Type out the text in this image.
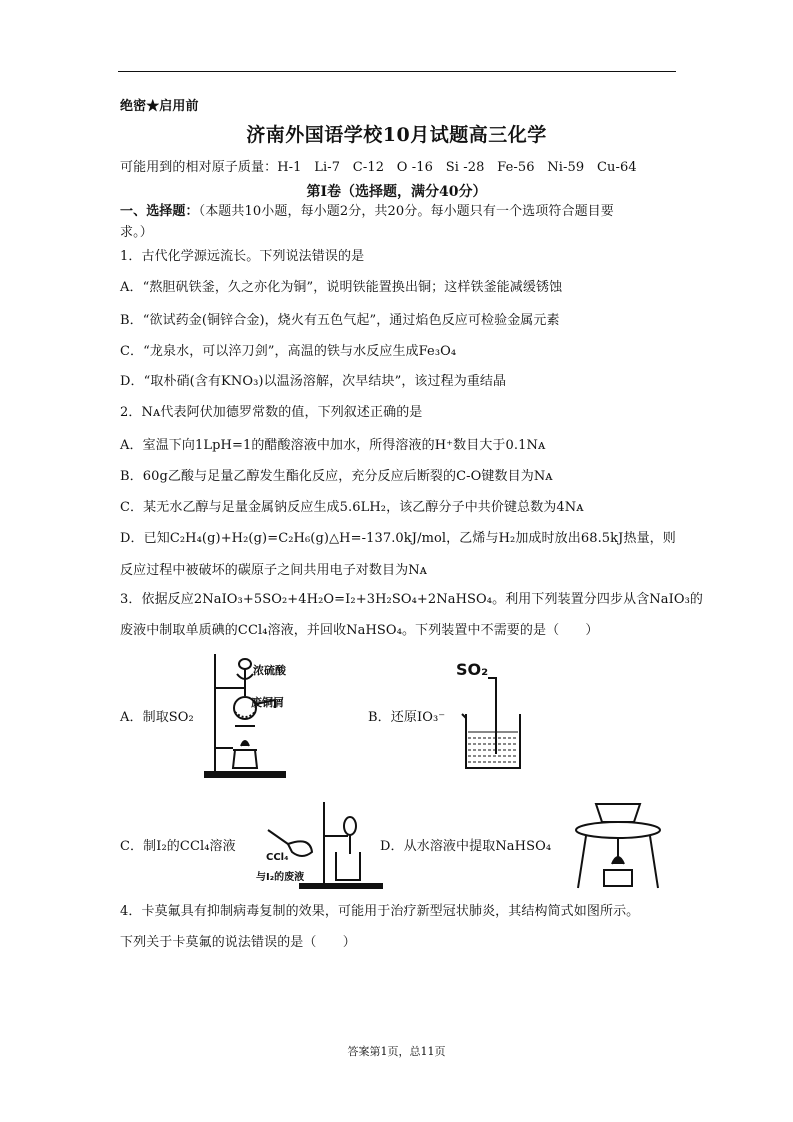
绝密★启用前
济南外国语学校10月试题高三化学
可能用到的相对原子质量：H-1 Li-7 C-12 O -16 Si -28 Fe-56 Ni-59 Cu-64
第Ⅰ卷（选择题，满分40分）
一、选择题：（本题共10小题，每小题2分，共20分。每小题只有一个选项符合题目要
求。）
1．古代化学源远流长。下列说法错误的是
A．“熬胆矾铁釜，久之亦化为铜”，说明铁能置换出铜；这样铁釜能减缓锈蚀
B．“欲试药金(铜锌合金)，烧火有五色气起”，通过焰色反应可检验金属元素
C．“龙泉水，可以淬刀剑”，高温的铁与水反应生成Fe₃O₄
D．“取朴硝(含有KNO₃)以温汤溶解，次早结块”，该过程为重结晶
2．Nᴀ代表阿伏加德罗常数的值，下列叙述正确的是
A．室温下向1LpH=1的醋酸溶液中加水，所得溶液的H⁺数目大于0.1Nᴀ
B．60g乙酸与足量乙醇发生酯化反应，充分反应后断裂的C-O键数目为Nᴀ
C．某无水乙醇与足量金属钠反应生成5.6LH₂，该乙醇分子中共价键总数为4Nᴀ
D．已知C₂H₄(g)+H₂(g)=C₂H₆(g)△H=-137.0kJ/mol，乙烯与H₂加成时放出68.5kJ热量，则
反应过程中被破坏的碳原子之间共用电子对数目为Nᴀ
3．依据反应2NaIO₃+5SO₂+4H₂O=I₂+3H₂SO₄+2NaHSO₄。利用下列装置分四步从含NaIO₃的
废液中制取单质碘的CCl₄溶液，并回收NaHSO₄。下列装置中不需要的是（　　）
A．制取SO₂
浓硫酸
废铜屑
B．还原IO₃⁻
SO₂
C．制I₂的CCl₄溶液
CCl₄
与I₂的废液
D．从水溶液中提取NaHSO₄
4．卡莫氟具有抑制病毒复制的效果，可能用于治疗新型冠状肺炎，其结构简式如图所示。
下列关于卡莫氟的说法错误的是（　　）
答案第1页，总11页
